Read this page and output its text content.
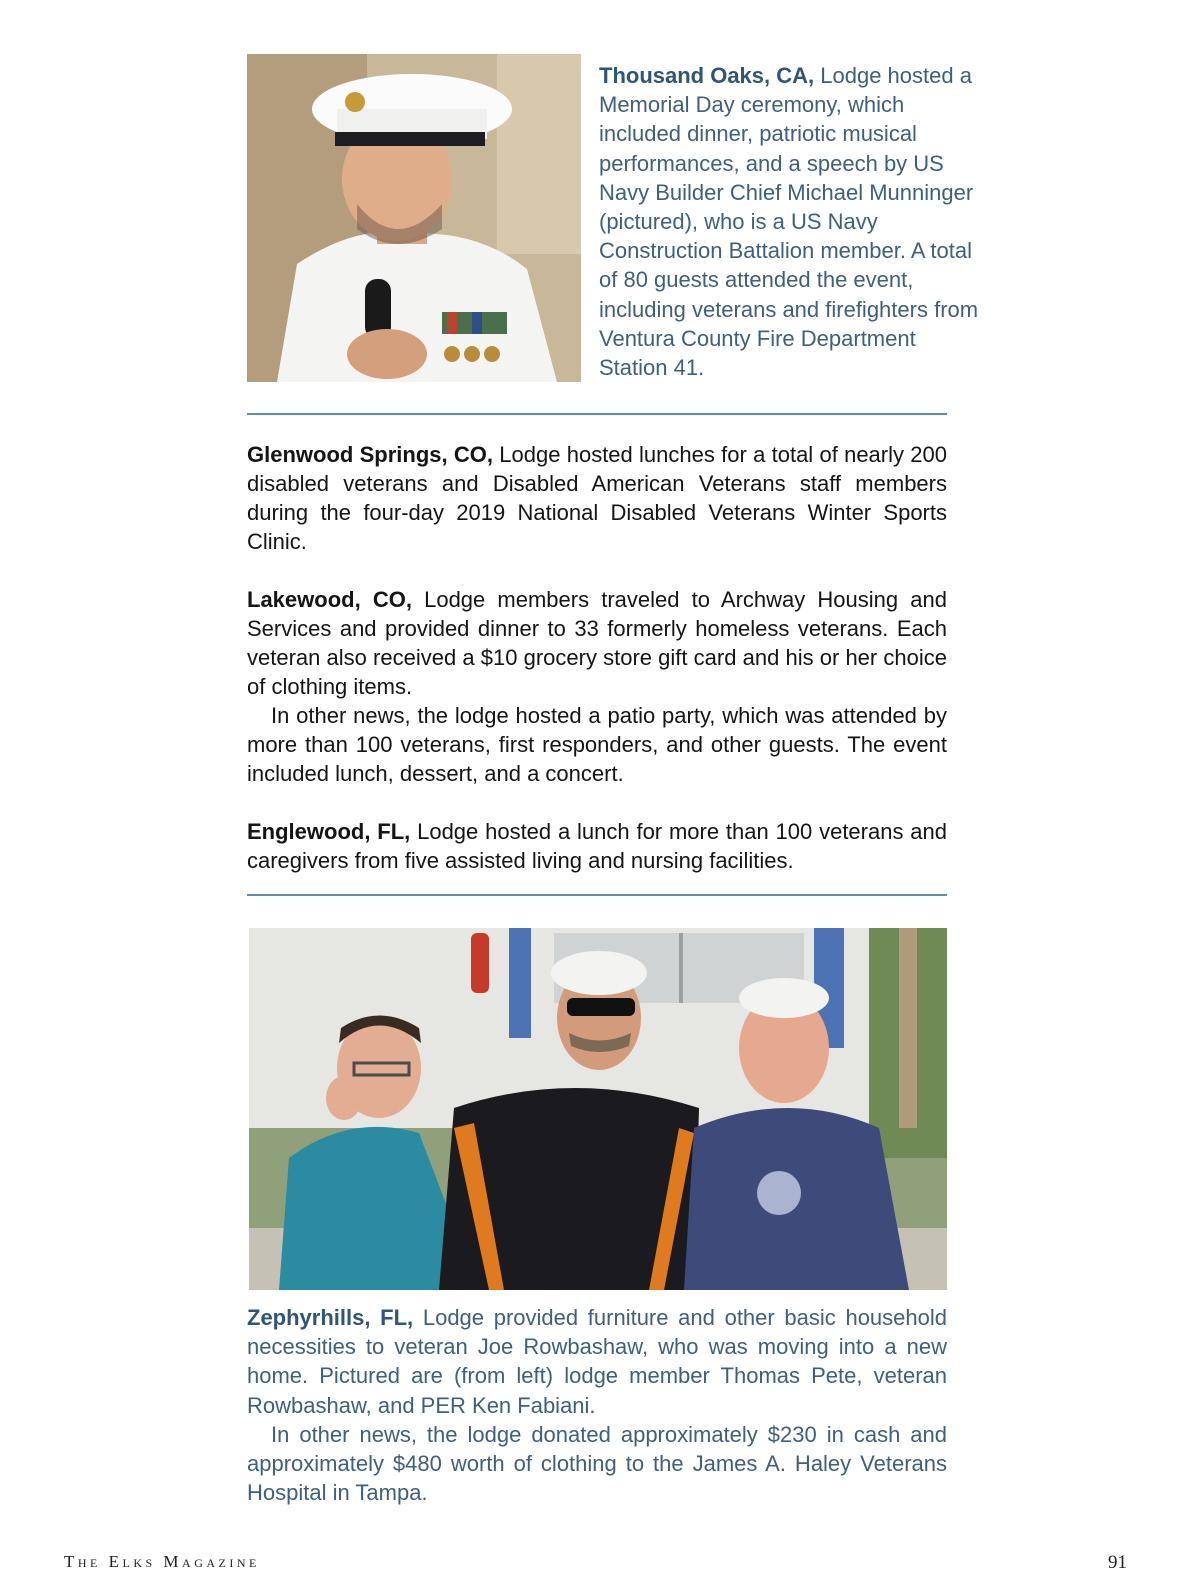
Thousand Oaks, CA, Lodge hosted a Memorial Day ceremony, which included dinner, patriotic musical performances, and a speech by US Navy Builder Chief Michael Munninger (pictured), who is a US Navy Construction Battalion member. A total of 80 guests attended the event, including veterans and firefighters from Ventura County Fire Department Station 41.

Glenwood Springs, CO, Lodge hosted lunches for a total of nearly 200 disabled veterans and Disabled American Veterans staff members during the four-day 2019 National Disabled Veterans Winter Sports Clinic.

Lakewood, CO, Lodge members traveled to Archway Housing and Services and provided dinner to 33 formerly homeless veterans. Each veteran also received a $10 grocery store gift card and his or her choice of clothing items.

In other news, the lodge hosted a patio party, which was attended by more than 100 veterans, first responders, and other guests. The event included lunch, dessert, and a concert.

Englewood, FL, Lodge hosted a lunch for more than 100 veterans and caregivers from five assisted living and nursing facilities.

Zephyrhills, FL, Lodge provided furniture and other basic household necessities to veteran Joe Rowbashaw, who was moving into a new home. Pictured are (from left) lodge member Thomas Pete, veteran Rowbashaw, and PER Ken Fabiani.

In other news, the lodge donated approximately $230 in cash and approximately $480 worth of clothing to the James A. Haley Veterans Hospital in Tampa.

The Elks Magazine	91
